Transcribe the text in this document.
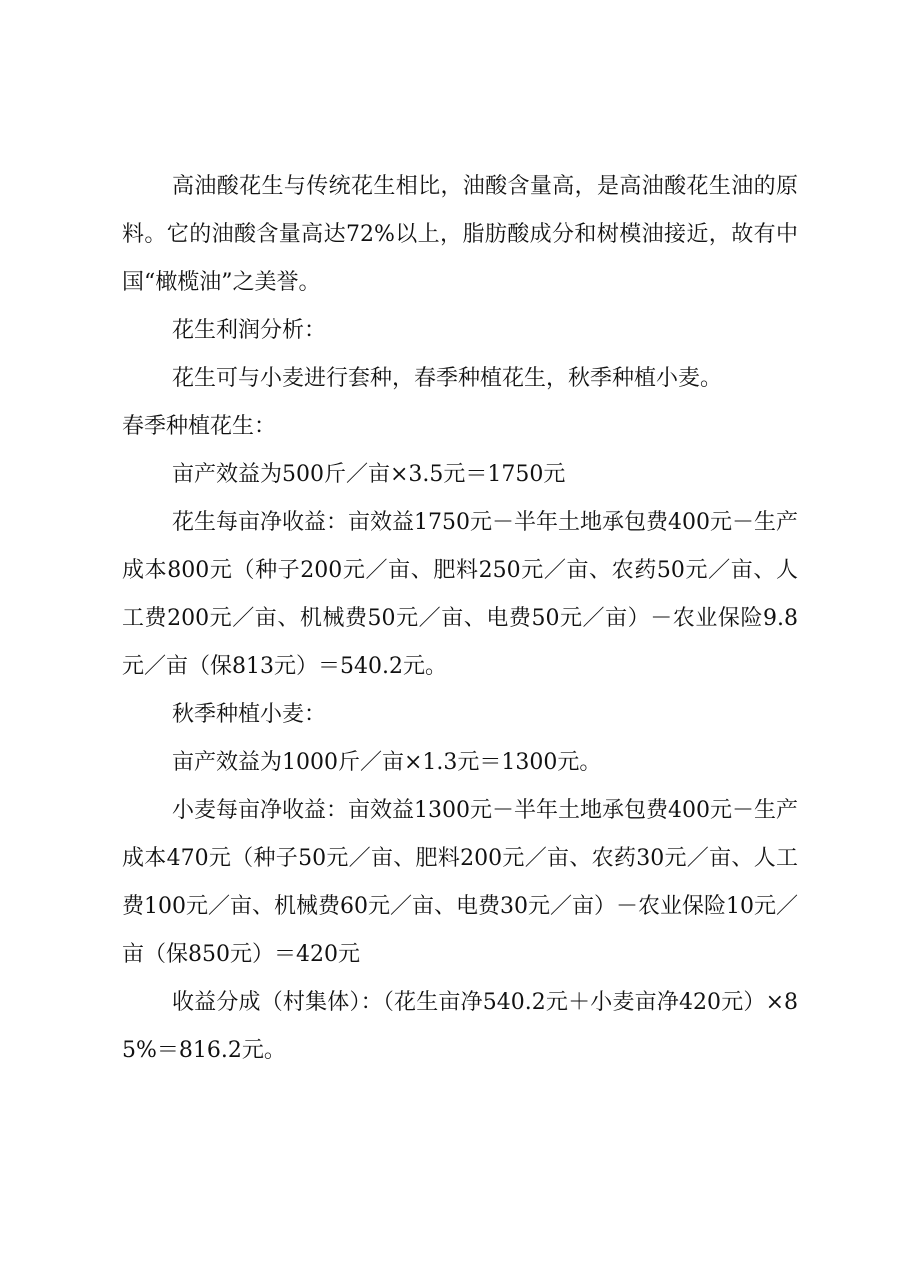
高油酸花生与传统花生相比，油酸含量高，是高油酸花生油的原料。它的油酸含量高达72%以上，脂肪酸成分和树模油接近，故有中国“橄榄油”之美誉。

花生利润分析：

花生可与小麦进行套种，春季种植花生，秋季种植小麦。

春季种植花生：

亩产效益为500斤／亩×3.5元＝1750元

花生每亩净收益：亩效益1750元－半年土地承包费400元－生产成本800元（种子200元／亩、肥料250元／亩、农药50元／亩、人工费200元／亩、机械费50元／亩、电费50元／亩）－农业保险9.8元／亩（保813元）＝540.2元。

秋季种植小麦：

亩产效益为1000斤／亩×1.3元＝1300元。

小麦每亩净收益：亩效益1300元－半年土地承包费400元－生产成本470元（种子50元／亩、肥料200元／亩、农药30元／亩、人工费100元／亩、机械费60元／亩、电费30元／亩）－农业保险10元／亩（保850元）＝420元

收益分成（村集体）：（花生亩净540.2元＋小麦亩净420元）×85%＝816.2元。
